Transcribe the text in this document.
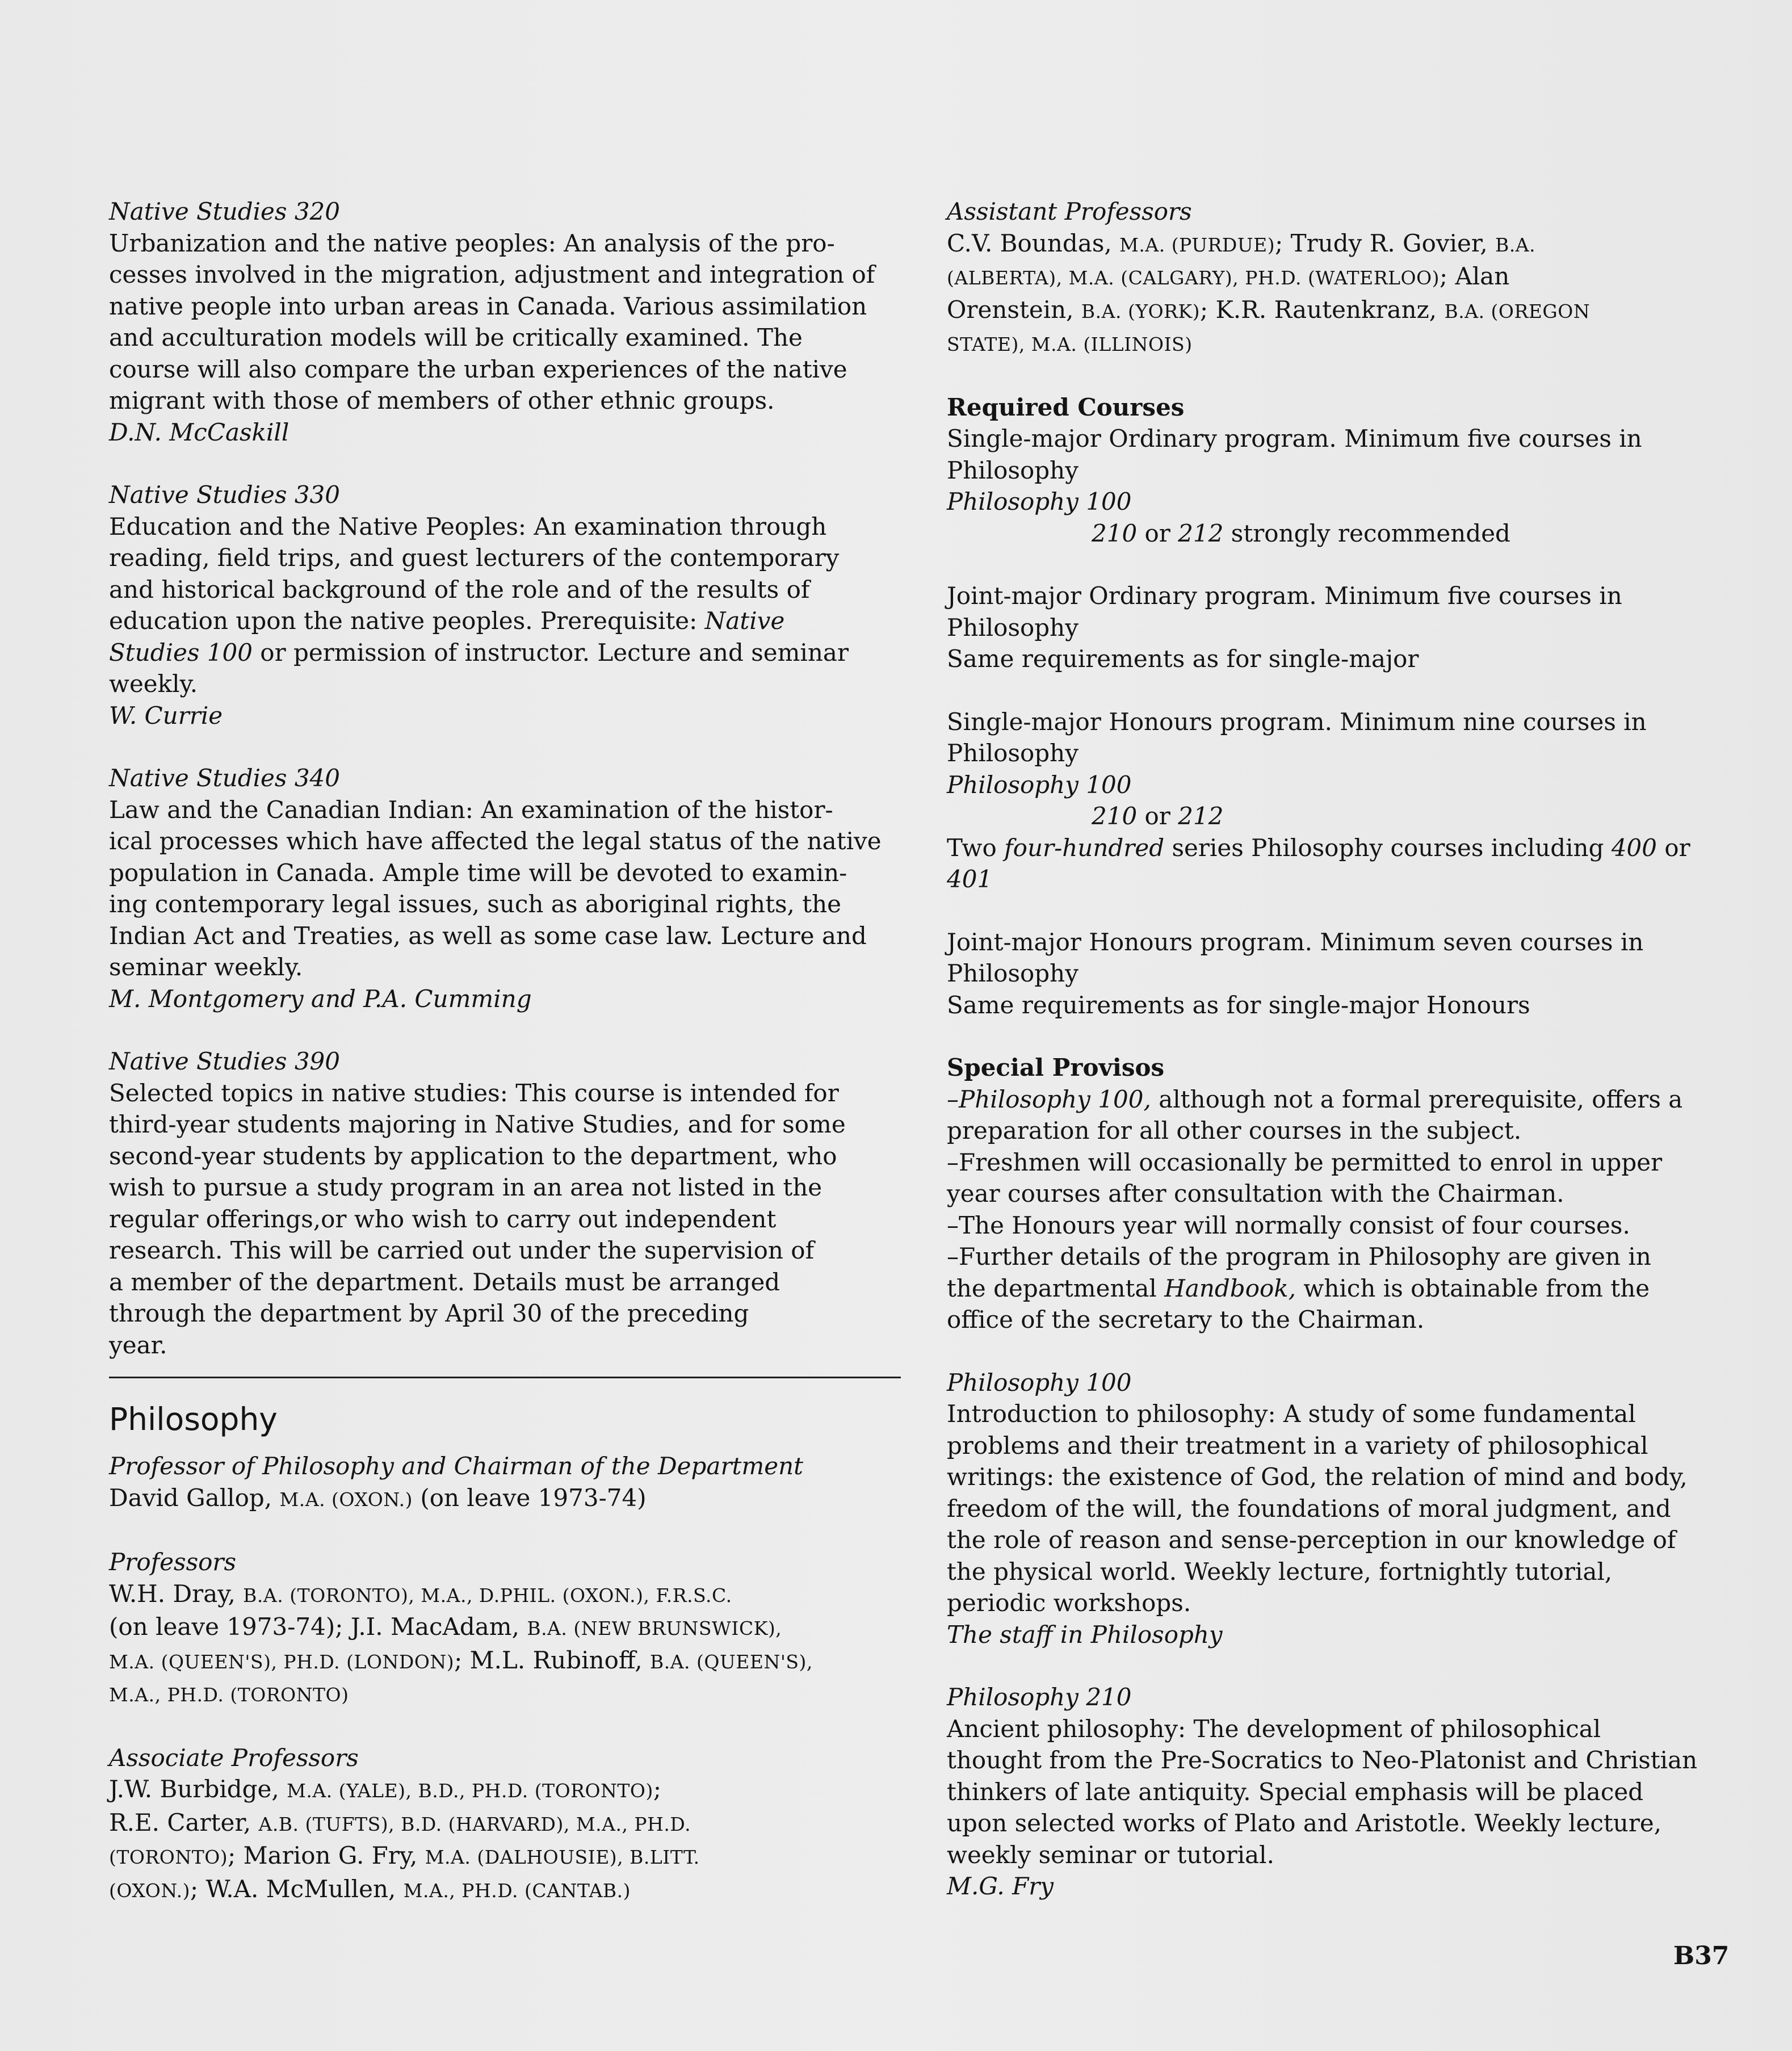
Native Studies 320

Urbanization and the native peoples: An analysis of the pro-

cesses involved in the migration, adjustment and integration of

native people into urban areas in Canada. Various assimilation

and acculturation models will be critically examined. The

course will also compare the urban experiences of the native

migrant with those of members of other ethnic groups.

D.N. McCaskill

Native Studies 330

Education and the Native Peoples: An examination through

reading, field trips, and guest lecturers of the contemporary

and historical background of the role and of the results of

education upon the native peoples. Prerequisite: Native

Studies 100 or permission of instructor. Lecture and seminar

weekly.

W. Currie

Native Studies 340

Law and the Canadian Indian: An examination of the histor-

ical processes which have affected the legal status of the native

population in Canada. Ample time will be devoted to examin-

ing contemporary legal issues, such as aboriginal rights, the

Indian Act and Treaties, as well as some case law. Lecture and

seminar weekly.

M. Montgomery and P.A. Cumming

Native Studies 390

Selected topics in native studies: This course is intended for

third-year students majoring in Native Studies, and for some

second-year students by application to the department, who

wish to pursue a study program in an area not listed in the

regular offerings,or who wish to carry out independent

research. This will be carried out under the supervision of

a member of the department. Details must be arranged

through the department by April 30 of the preceding

year.

Philosophy

Professor of Philosophy and Chairman of the Department

David Gallop, M.A. (OXON.) (on leave 1973-74)

Professors

W.H. Dray, B.A. (TORONTO), M.A., D.PHIL. (OXON.), F.R.S.C.

(on leave 1973-74); J.I. MacAdam, B.A. (NEW BRUNSWICK),

M.A. (QUEEN'S), PH.D. (LONDON); M.L. Rubinoff, B.A. (QUEEN'S),

M.A., PH.D. (TORONTO)

Associate Professors

J.W. Burbidge, M.A. (YALE), B.D., PH.D. (TORONTO);

R.E. Carter, A.B. (TUFTS), B.D. (HARVARD), M.A., PH.D.

(TORONTO); Marion G. Fry, M.A. (DALHOUSIE), B.LITT.

(OXON.); W.A. McMullen, M.A., PH.D. (CANTAB.)

Assistant Professors

C.V. Boundas, M.A. (PURDUE); Trudy R. Govier, B.A.

(ALBERTA), M.A. (CALGARY), PH.D. (WATERLOO); Alan

Orenstein, B.A. (YORK); K.R. Rautenkranz, B.A. (OREGON

STATE), M.A. (ILLINOIS)

Required Courses

Single-major Ordinary program. Minimum five courses in

Philosophy

Philosophy 100

210 or 212 strongly recommended

Joint-major Ordinary program. Minimum five courses in

Philosophy

Same requirements as for single-major

Single-major Honours program. Minimum nine courses in

Philosophy

Philosophy 100

210 or 212

Two four-hundred series Philosophy courses including 400 or

401

Joint-major Honours program. Minimum seven courses in

Philosophy

Same requirements as for single-major Honours

Special Provisos

–Philosophy 100, although not a formal prerequisite, offers a

preparation for all other courses in the subject.

–Freshmen will occasionally be permitted to enrol in upper

year courses after consultation with the Chairman.

–The Honours year will normally consist of four courses.

–Further details of the program in Philosophy are given in

the departmental Handbook, which is obtainable from the

office of the secretary to the Chairman.

Philosophy 100

Introduction to philosophy: A study of some fundamental

problems and their treatment in a variety of philosophical

writings: the existence of God, the relation of mind and body,

freedom of the will, the foundations of moral judgment, and

the role of reason and sense-perception in our knowledge of

the physical world. Weekly lecture, fortnightly tutorial,

periodic workshops.

The staff in Philosophy

Philosophy 210

Ancient philosophy: The development of philosophical

thought from the Pre-Socratics to Neo-Platonist and Christian

thinkers of late antiquity. Special emphasis will be placed

upon selected works of Plato and Aristotle. Weekly lecture,

weekly seminar or tutorial.

M.G. Fry

B37
